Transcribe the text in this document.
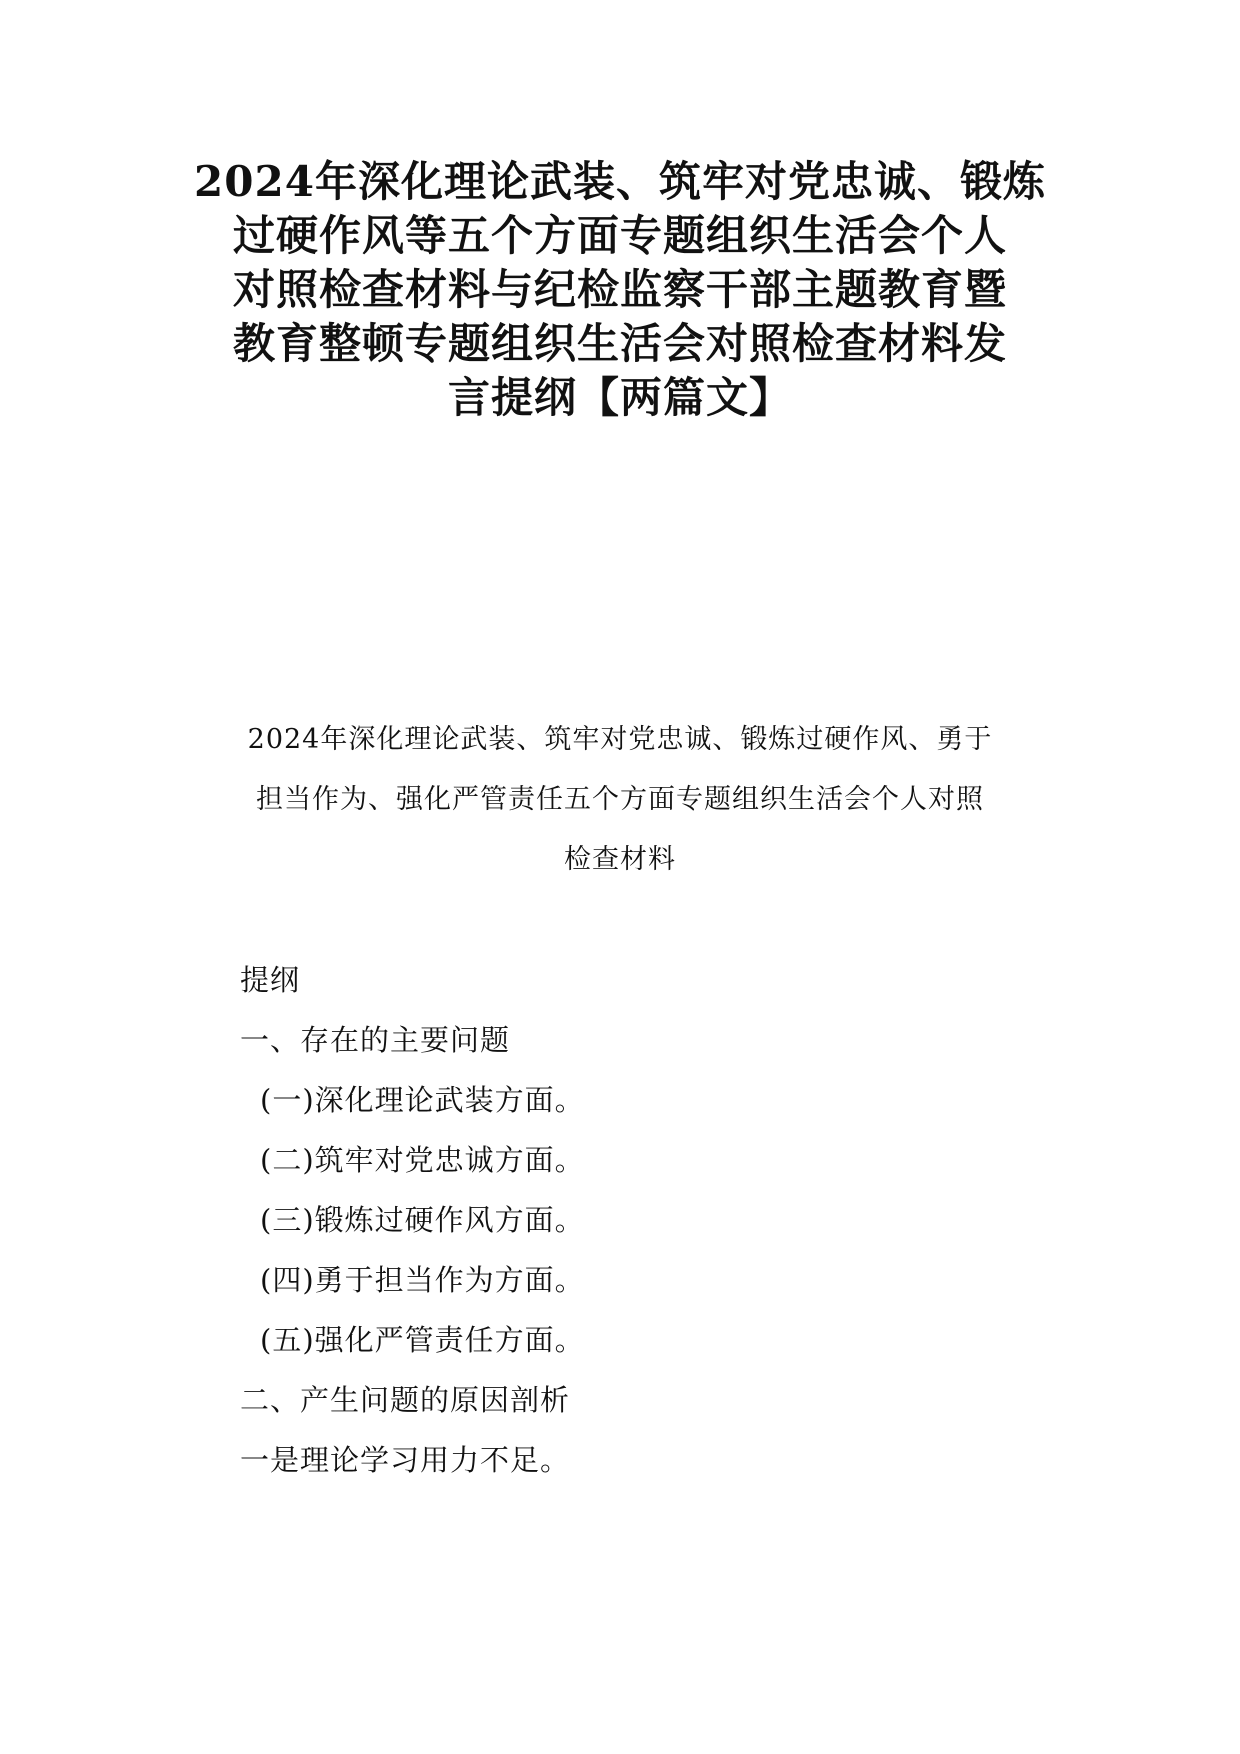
2024年深化理论武装、筑牢对党忠诚、锻炼
过硬作风等五个方面专题组织生活会个人
对照检查材料与纪检监察干部主题教育暨
教育整顿专题组织生活会对照检查材料发
言提纲【两篇文】
2024年深化理论武装、筑牢对党忠诚、锻炼过硬作风、勇于
担当作为、强化严管责任五个方面专题组织生活会个人对照
检查材料
提纲
一、存在的主要问题
(一)深化理论武装方面。
(二)筑牢对党忠诚方面。
(三)锻炼过硬作风方面。
(四)勇于担当作为方面。
(五)强化严管责任方面。
二、产生问题的原因剖析
一是理论学习用力不足。
